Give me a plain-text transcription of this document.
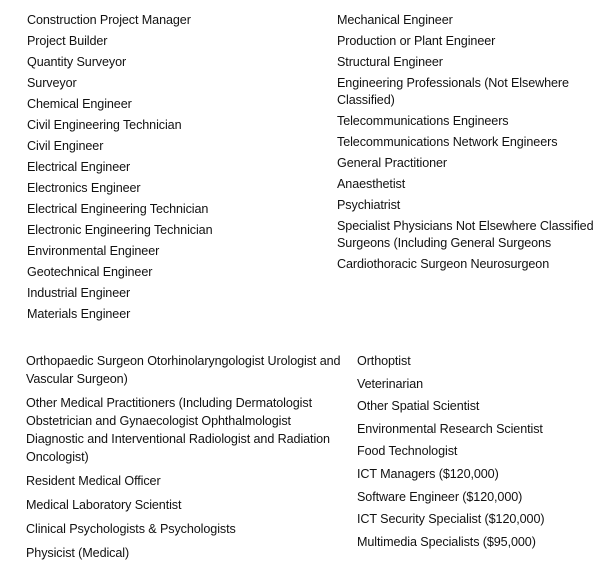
Construction Project Manager
Project Builder
Quantity Surveyor
Surveyor
Chemical Engineer
Civil Engineering Technician
Civil Engineer
Electrical Engineer
Electronics Engineer
Electrical Engineering Technician
Electronic Engineering Technician
Environmental Engineer
Geotechnical Engineer
Industrial Engineer
Materials Engineer
Mechanical Engineer
Production or Plant Engineer
Structural Engineer
Engineering Professionals (Not Elsewhere Classified)
Telecommunications Engineers
Telecommunications Network Engineers
General Practitioner
Anaesthetist
Psychiatrist
Specialist Physicians Not Elsewhere Classified Surgeons (Including General Surgeons
Cardiothoracic Surgeon Neurosurgeon
Orthopaedic Surgeon Otorhinolaryngologist Urologist and Vascular Surgeon)
Other Medical Practitioners (Including Dermatologist Obstetrician and Gynaecologist Ophthalmologist Diagnostic and Interventional Radiologist and Radiation Oncologist)
Resident Medical Officer
Medical Laboratory Scientist
Clinical Psychologists & Psychologists
Physicist (Medical)
Orthoptist
Veterinarian
Other Spatial Scientist
Environmental Research Scientist
Food Technologist
ICT Managers ($120,000)
Software Engineer ($120,000)
ICT Security Specialist ($120,000)
Multimedia Specialists ($95,000)
